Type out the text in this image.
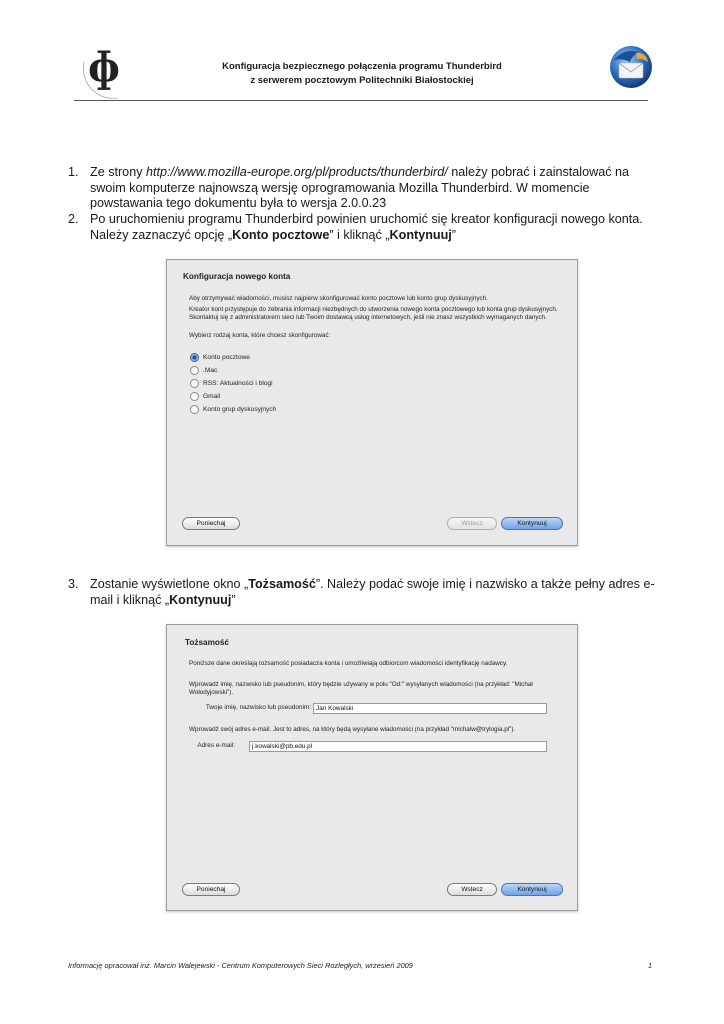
ɸ	Konfiguracja bezpiecznego połączenia programu Thunderbird
z serwerem pocztowym Politechniki Białostockiej
1. Ze strony http://www.mozilla-europe.org/pl/products/thunderbird/ należy pobrać i zainstalować na swoim komputerze najnowszą wersję oprogramowania Mozilla Thunderbird. W momencie powstawania tego dokumentu była to wersja 2.0.0.23
2. Po uruchomieniu programu Thunderbird powinien uruchomić się kreator konfiguracji nowego konta. Należy zaznaczyć opcję „Konto pocztowe” i kliknąć „Kontynuuj”
Konfiguracja nowego konta
Aby otrzymywać wiadomości, musisz najpierw skonfigurować konto pocztowe lub konto grup dyskusyjnych.
Kreator kont przystępuje do zebrania informacji niezbędnych do utworzenia nowego konta pocztowego lub konta grup dyskusyjnych. Skontaktuj się z administratorem sieci lub Twoim dostawcą usług internetowych, jeśli nie znasz wszystkich wymaganych danych.
Wybierz rodzaj konta, które chcesz skonfigurować:
Konto pocztowe
.Mac
RSS: Aktualności i blogi
Gmail
Konto grup dyskusyjnych
Poniechaj	Wstecz	Kontynuuj
3. Zostanie wyświetlone okno „Tożsamość”. Należy podać swoje imię i nazwisko a także pełny adres e-mail i kliknąć „Kontynuuj”
Tożsamość
Poniższe dane określają tożsamość posiadacza konta i umożliwiają odbiorcom wiadomości identyfikację nadawcy.
Wprowadź imię, nazwisko lub pseudonim, który będzie używany w polu "Od:" wysyłanych wiadomości (na przykład: "Michał Wołodyjowski").
Twoje imię, nazwisko lub pseudonim: Jan Kowalski
Wprowadź swój adres e-mail. Jest to adres, na który będą wysyłane wiadomości (na przykład "michalw@trylogia.pl").
Adres e-mail:	j.kowalski@pb.edu.pl
Poniechaj	Wstecz	Kontynuuj
Informację opracował inż. Marcin Walejewski - Centrum Komputerowych Sieci Rozległych, wrzesień 2009	1
